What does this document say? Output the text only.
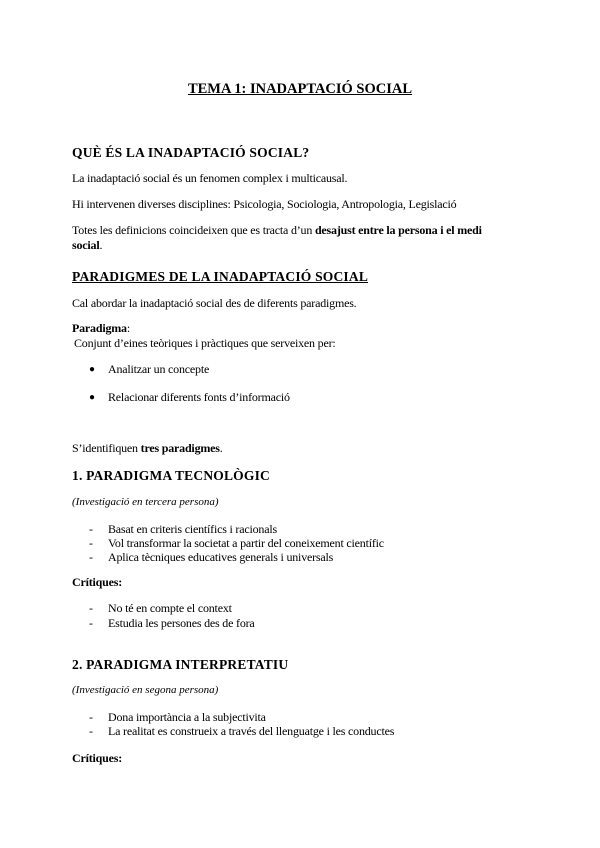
TEMA 1: INADAPTACIÓ SOCIAL
QUÈ ÉS LA INADAPTACIÓ SOCIAL?
La inadaptació social és un fenomen complex i multicausal.
Hi intervenen diverses disciplines: Psicologia, Sociologia, Antropologia, Legislació
Totes les definicions coincideixen que es tracta d’un desajust entre la persona i el medi
social.
PARADIGMES DE LA INADAPTACIÓ SOCIAL
Cal abordar la inadaptació social des de diferents paradigmes.
Paradigma:
Conjunt d’eines teòriques i pràctiques que serveixen per:
● Analitzar un concepte
● Relacionar diferents fonts d’informació
S’identifiquen tres paradigmes.
1. PARADIGMA TECNOLÒGIC
(Investigació en tercera persona)
- Basat en criteris científics i racionals
- Vol transformar la societat a partir del coneixement científic
- Aplica tècniques educatives generals i universals
Crítiques:
- No té en compte el context
- Estudia les persones des de fora
2. PARADIGMA INTERPRETATIU
(Investigació en segona persona)
- Dona importància a la subjectivita
- La realitat es construeix a través del llenguatge i les conductes
Crítiques:
